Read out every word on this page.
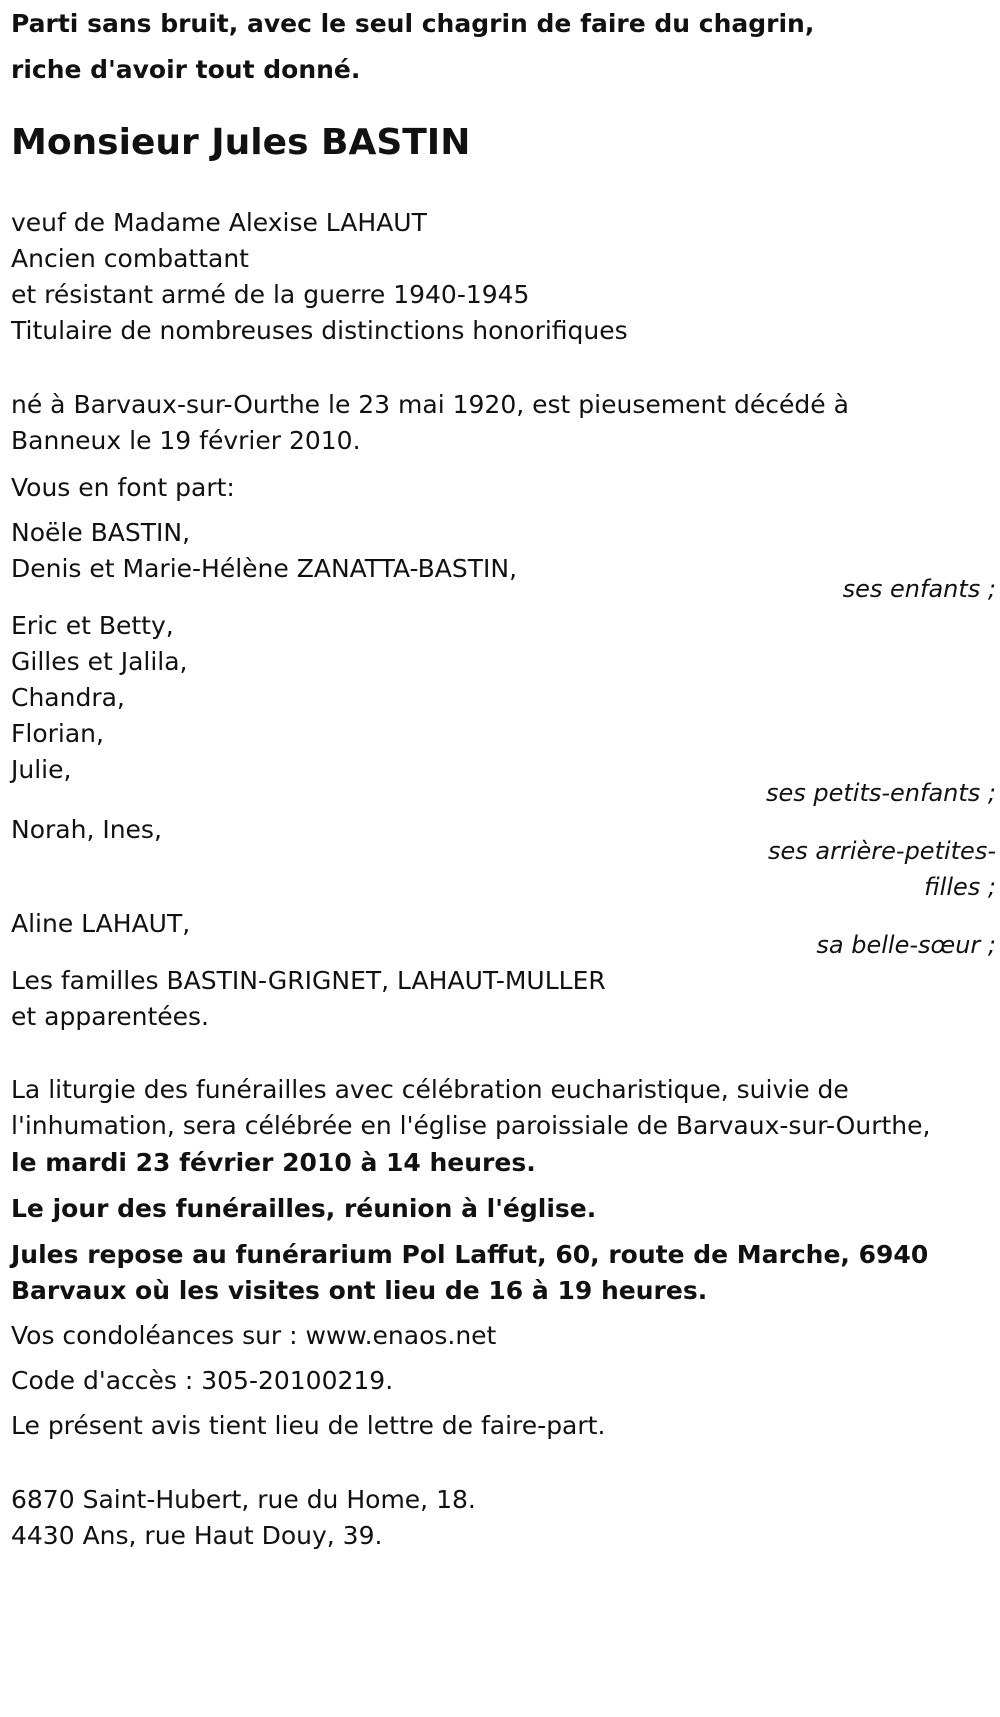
Parti sans bruit, avec le seul chagrin de faire du chagrin,
riche d'avoir tout donné.
Monsieur Jules BASTIN
veuf de Madame Alexise LAHAUT
Ancien combattant
et résistant armé de la guerre 1940-1945
Titulaire de nombreuses distinctions honorifiques
né à Barvaux-sur-Ourthe le 23 mai 1920, est pieusement décédé à
Banneux le 19 février 2010.
Vous en font part:
Noële BASTIN,
Denis et Marie-Hélène ZANATTA-BASTIN,
ses enfants ;
Eric et Betty,
Gilles et Jalila,
Chandra,
Florian,
Julie,
ses petits-enfants ;
Norah, Ines,
ses arrière-petites-
filles ;
Aline LAHAUT,
sa belle-sœur ;
Les familles BASTIN-GRIGNET, LAHAUT-MULLER
et apparentées.
La liturgie des funérailles avec célébration eucharistique, suivie de
l'inhumation, sera célébrée en l'église paroissiale de Barvaux-sur-Ourthe,
le mardi 23 février 2010 à 14 heures.
Le jour des funérailles, réunion à l'église.
Jules repose au funérarium Pol Laffut, 60, route de Marche, 6940
Barvaux où les visites ont lieu de 16 à 19 heures.
Vos condoléances sur : www.enaos.net
Code d'accès : 305-20100219.
Le présent avis tient lieu de lettre de faire-part.
6870 Saint-Hubert, rue du Home, 18.
4430 Ans, rue Haut Douy, 39.
